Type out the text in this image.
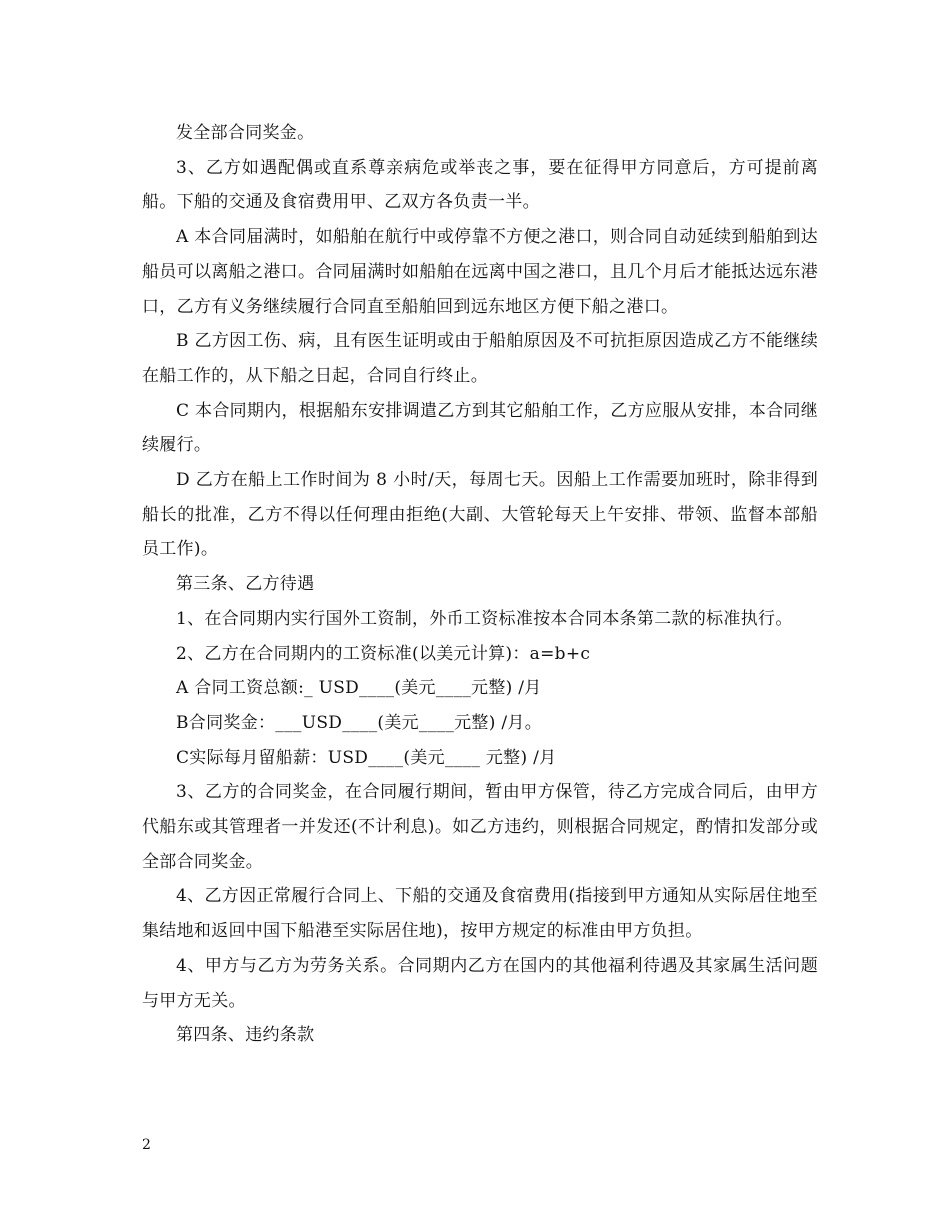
发全部合同奖金。

3、乙方如遇配偶或直系尊亲病危或举丧之事，要在征得甲方同意后，方可提前离船。下船的交通及食宿费用甲、乙双方各负责一半。

A 本合同届满时，如船舶在航行中或停靠不方便之港口，则合同自动延续到船舶到达船员可以离船之港口。合同届满时如船舶在远离中国之港口，且几个月后才能抵达远东港口，乙方有义务继续履行合同直至船舶回到远东地区方便下船之港口。

B 乙方因工伤、病，且有医生证明或由于船舶原因及不可抗拒原因造成乙方不能继续在船工作的，从下船之日起，合同自行终止。

C 本合同期内，根据船东安排调遣乙方到其它船舶工作，乙方应服从安排，本合同继续履行。

D 乙方在船上工作时间为 8 小时/天，每周七天。因船上工作需要加班时，除非得到船长的批准，乙方不得以任何理由拒绝(大副、大管轮每天上午安排、带领、监督本部船员工作)。

第三条、乙方待遇

1、在合同期内实行国外工资制，外币工资标准按本合同本条第二款的标准执行。

2、乙方在合同期内的工资标准(以美元计算)：a=b+c

A 合同工资总额:_ USD____(美元____元整) /月

B合同奖金：___USD____(美元____元整) /月。

C实际每月留船薪：USD____(美元____ 元整) /月

3、乙方的合同奖金，在合同履行期间，暂由甲方保管，待乙方完成合同后，由甲方代船东或其管理者一并发还(不计利息)。如乙方违约，则根据合同规定，酌情扣发部分或全部合同奖金。

4、乙方因正常履行合同上、下船的交通及食宿费用(指接到甲方通知从实际居住地至集结地和返回中国下船港至实际居住地)，按甲方规定的标准由甲方负担。

4、甲方与乙方为劳务关系。合同期内乙方在国内的其他福利待遇及其家属生活问题与甲方无关。

第四条、违约条款

2
